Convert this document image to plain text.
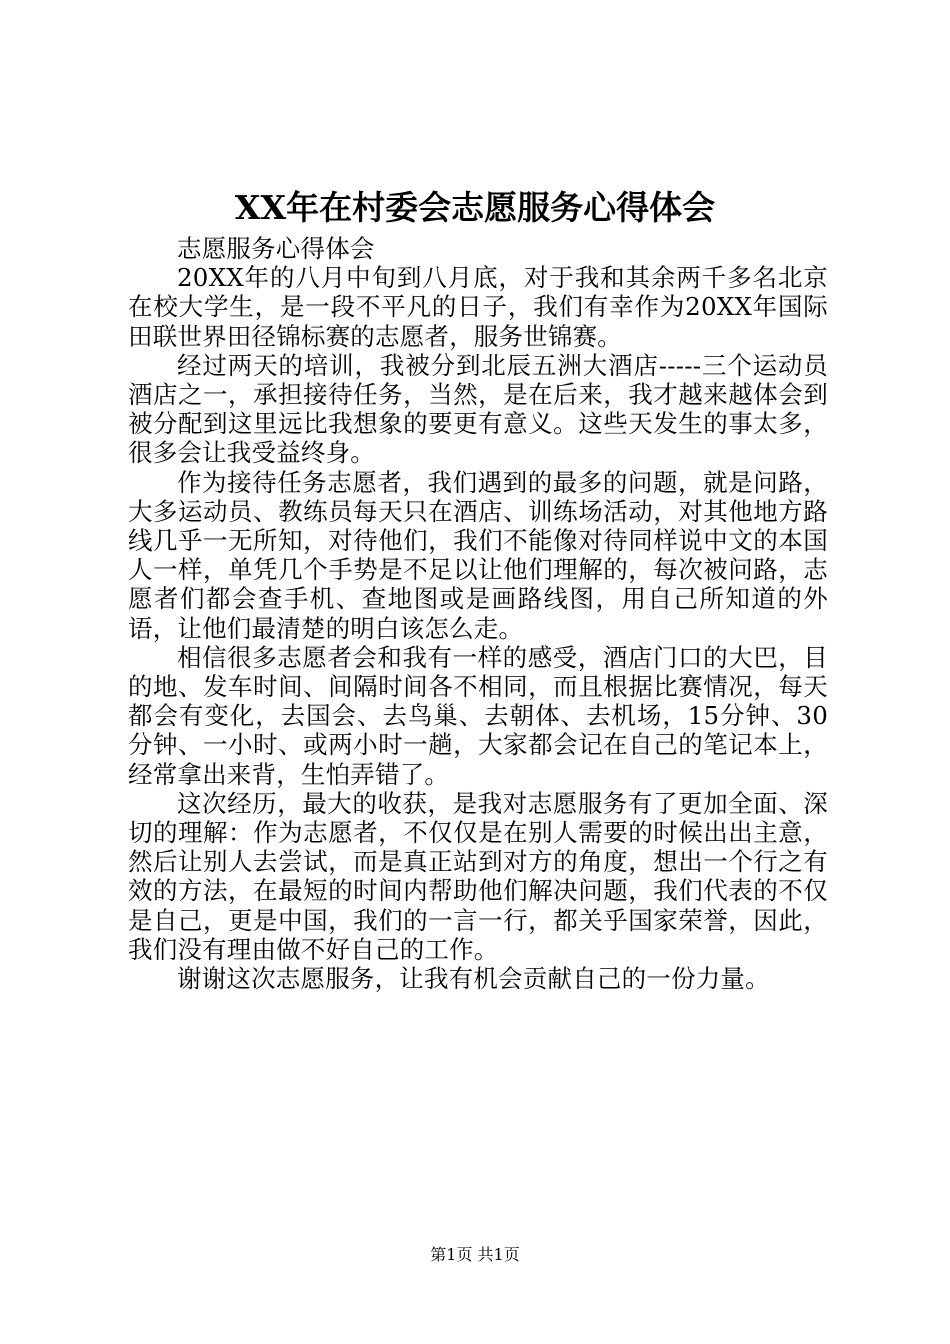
XX年在村委会志愿服务心得体会

志愿服务心得体会

20XX年的八月中旬到八月底，对于我和其余两千多名北京在校大学生，是一段不平凡的日子，我们有幸作为20XX年国际田联世界田径锦标赛的志愿者，服务世锦赛。

经过两天的培训，我被分到北辰五洲大酒店-----三个运动员酒店之一，承担接待任务，当然，是在后来，我才越来越体会到被分配到这里远比我想象的要更有意义。这些天发生的事太多，很多会让我受益终身。

作为接待任务志愿者，我们遇到的最多的问题，就是问路，大多运动员、教练员每天只在酒店、训练场活动，对其他地方路线几乎一无所知，对待他们，我们不能像对待同样说中文的本国人一样，单凭几个手势是不足以让他们理解的，每次被问路，志愿者们都会查手机、查地图或是画路线图，用自己所知道的外语，让他们最清楚的明白该怎么走。

相信很多志愿者会和我有一样的感受，酒店门口的大巴，目的地、发车时间、间隔时间各不相同，而且根据比赛情况，每天都会有变化，去国会、去鸟巢、去朝体、去机场，15分钟、30分钟、一小时、或两小时一趟，大家都会记在自己的笔记本上，经常拿出来背，生怕弄错了。

这次经历，最大的收获，是我对志愿服务有了更加全面、深切的理解：作为志愿者，不仅仅是在别人需要的时候出出主意，然后让别人去尝试，而是真正站到对方的角度，想出一个行之有效的方法，在最短的时间内帮助他们解决问题，我们代表的不仅是自己，更是中国，我们的一言一行，都关乎国家荣誉，因此，我们没有理由做不好自己的工作。

谢谢这次志愿服务，让我有机会贡献自己的一份力量。

第1页 共1页
